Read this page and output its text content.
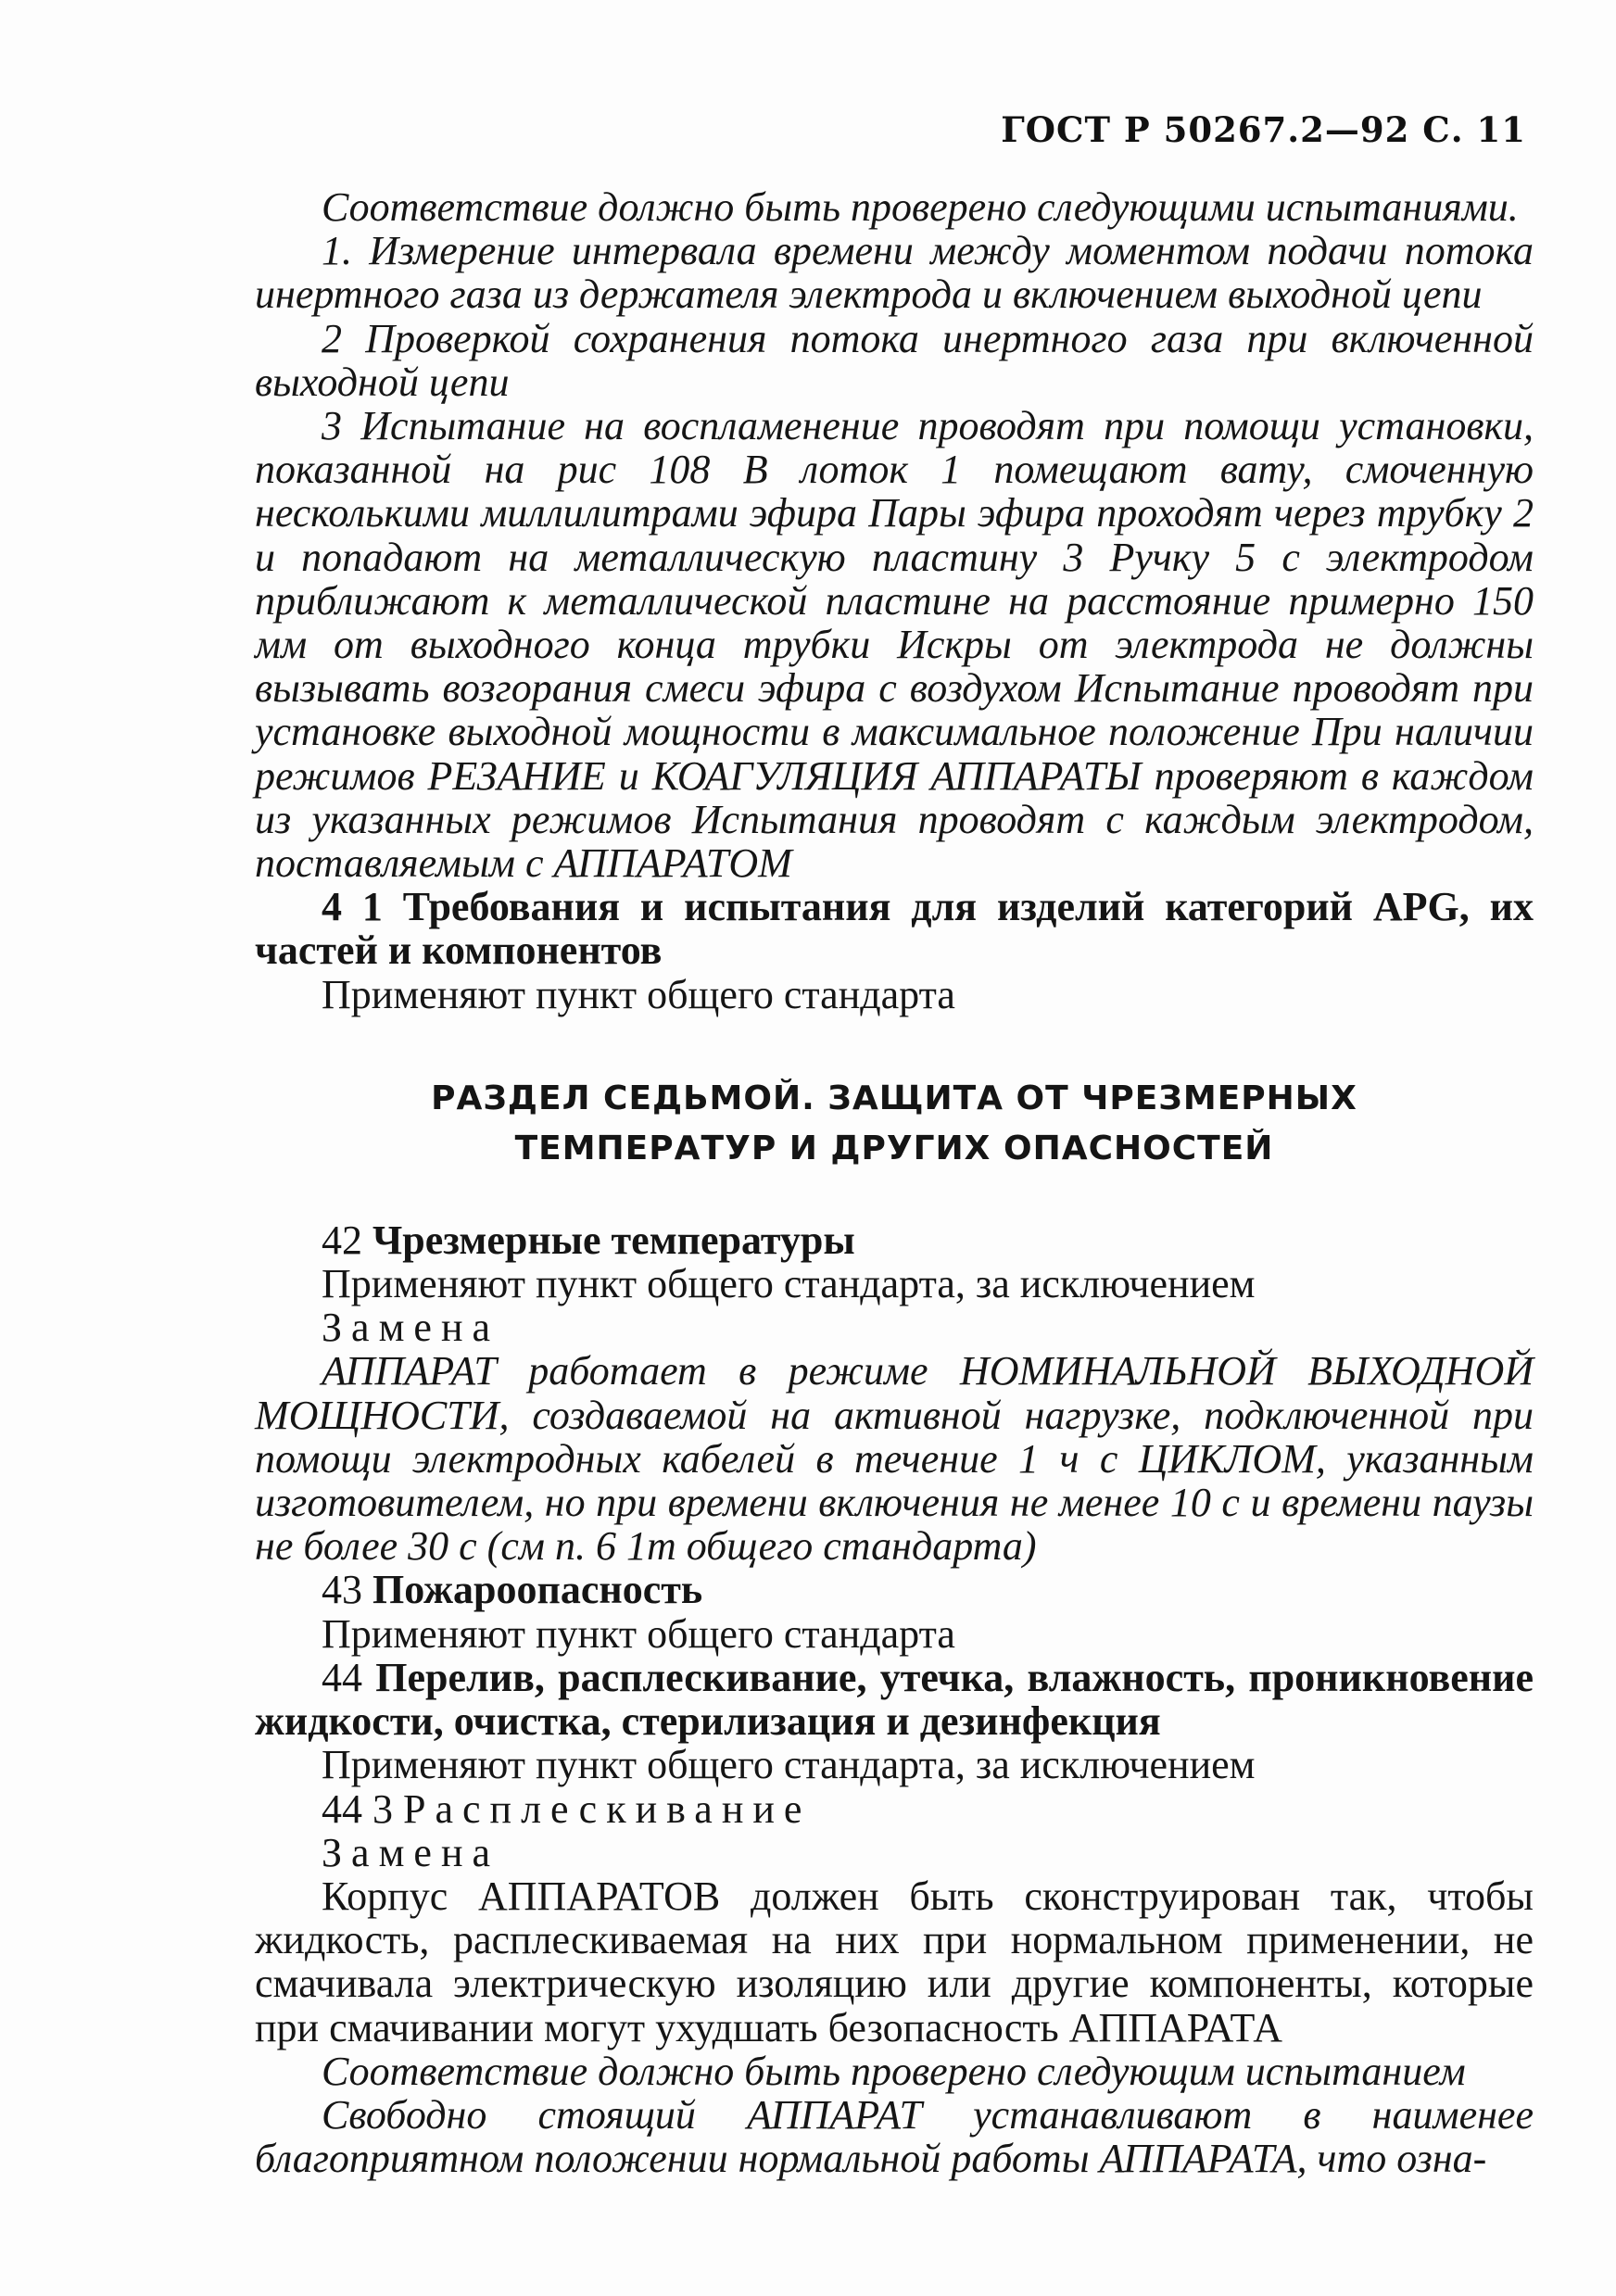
ГОСТ Р 50267.2—92 С. 11

Соответствие должно быть проверено следующими испытаниями.

1. Измерение интервала времени между моментом подачи потока инертного газа из держателя электрода и включением выходной цепи

2 Проверкой сохранения потока инертного газа при включенной выходной цепи

3 Испытание на воспламенение проводят при помощи установки, показанной на рис 108 В лоток 1 помещают вату, смоченную несколькими миллилитрами эфира Пары эфира проходят через трубку 2 и попадают на металлическую пластину 3 Ручку 5 с электродом приближают к металлической пластине на расстояние примерно 150 мм от выходного конца трубки Искры от электрода не должны вызывать возгорания смеси эфира с воздухом Испытание проводят при установке выходной мощности в максимальное положение При наличии режимов РЕЗАНИЕ и КОАГУЛЯЦИЯ АППАРАТЫ проверяют в каждом из указанных режимов Испытания проводят с каждым электродом, поставляемым с АППАРАТОМ

4 1 Требования и испытания для изделий категорий APG, их частей и компонентов

Применяют пункт общего стандарта

РАЗДЕЛ СЕДЬМОЙ. ЗАЩИТА ОТ ЧРЕЗМЕРНЫХ
ТЕМПЕРАТУР И ДРУГИХ ОПАСНОСТЕЙ

42 Чрезмерные температуры

Применяют пункт общего стандарта, за исключением

Замена

АППАРАТ работает в режиме НОМИНАЛЬНОЙ ВЫХОДНОЙ МОЩНОСТИ, создаваемой на активной нагрузке, подключенной при помощи электродных кабелей в течение 1 ч с ЦИКЛОМ, указанным изготовителем, но при времени включения не менее 10 с и времени паузы не более 30 с (см п. 6 1m общего стандарта)

43 Пожароопасность

Применяют пункт общего стандарта

44 Перелив, расплескивание, утечка, влажность, проникновение жидкости, очистка, стерилизация и дезинфекция

Применяют пункт общего стандарта, за исключением

44 3 Расплескивание

Замена

Корпус АППАРАТОВ должен быть сконструирован так, чтобы жидкость, расплескиваемая на них при нормальном применении, не смачивала электрическую изоляцию или другие компоненты, которые при смачивании могут ухудшать безопасность АППАРАТА

Соответствие должно быть проверено следующим испытанием

Свободно стоящий АППАРАТ устанавливают в наименее благоприятном положении нормальной работы АППАРАТА, что озна-
